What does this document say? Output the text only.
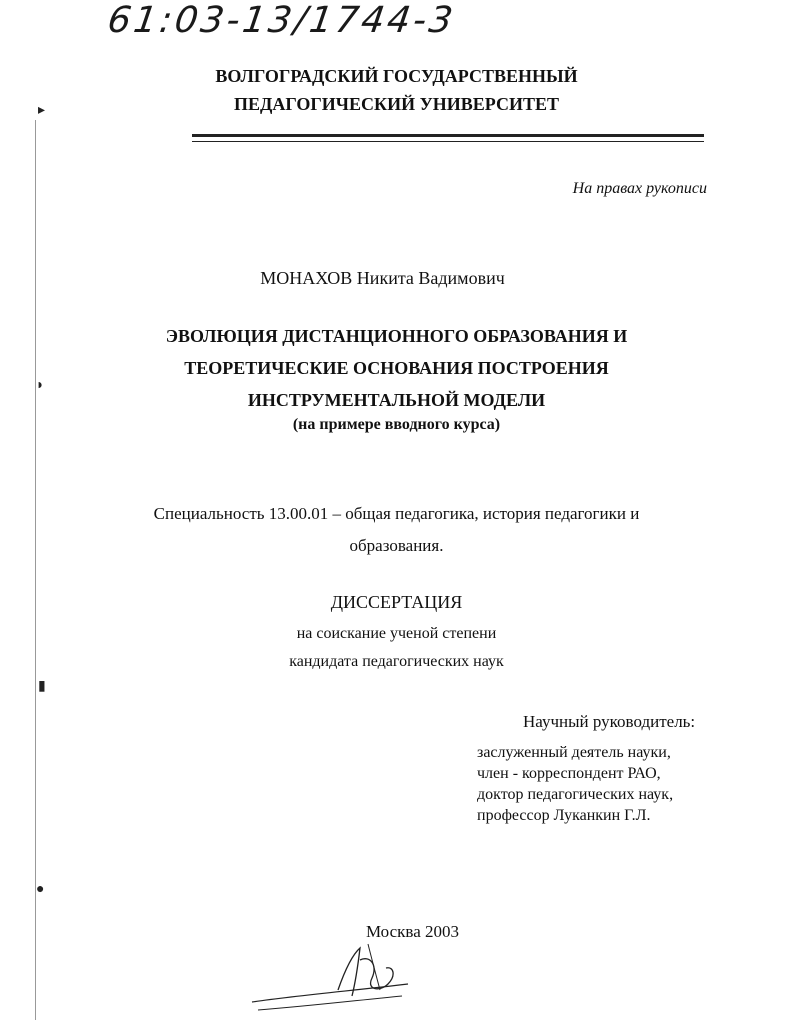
61:03-13/1744-3
ВОЛГОГРАДСКИЙ ГОСУДАРСТВЕННЫЙ
ПЕДАГОГИЧЕСКИЙ УНИВЕРСИТЕТ
На правах рукописи
МОНАХОВ Никита Вадимович
ЭВОЛЮЦИЯ ДИСТАНЦИОННОГО ОБРАЗОВАНИЯ И
ТЕОРЕТИЧЕСКИЕ ОСНОВАНИЯ ПОСТРОЕНИЯ
ИНСТРУМЕНТАЛЬНОЙ МОДЕЛИ
(на примере вводного курса)
Специальность 13.00.01 – общая педагогика, история педагогики и
образования.
ДИССЕРТАЦИЯ
на соискание ученой степени
кандидата педагогических наук
Научный руководитель:
заслуженный деятель науки,
член - корреспондент РАО,
доктор педагогических наук,
профессор Луканкин Г.Л.
Москва 2003
▸
◗
▮
●
